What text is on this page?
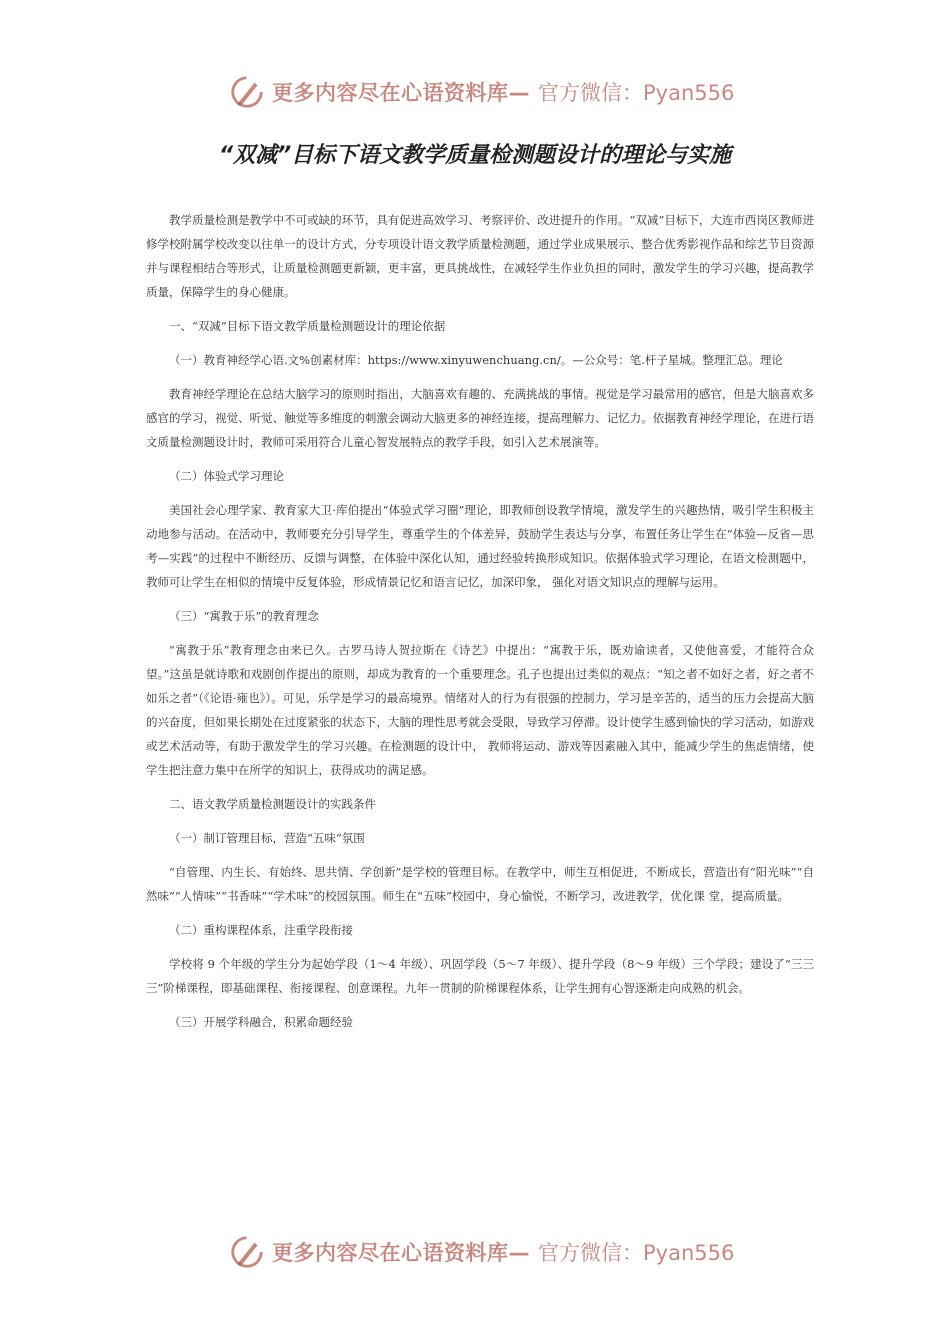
更多内容尽在心语资料库— 官方微信：Pyan556
“双减”目标下语文教学质量检测题设计的理论与实施

教学质量检测是教学中不可或缺的环节，具有促进高效学习、考察评价、改进提升的作用。“双减”目标下，大连市西岗区教师进修学校附属学校改变以往单一的设计方式，分专项设计语文教学质量检测题，通过学业成果展示、整合优秀影视作品和综艺节目资源并与课程相结合等形式，让质量检测题更新颖，更丰富，更具挑战性，在减轻学生作业负担的同时，激发学生的学习兴趣，提高教学质量，保障学生的身心健康。

一、“双减”目标下语文教学质量检测题设计的理论依据

（一）教育神经学心语.文%创素材库：https://www.xinyuwenchuang.cn/。—公众号：笔.杆子星城。整理汇总。理论

教育神经学理论在总结大脑学习的原则时指出，大脑喜欢有趣的、充满挑战的事情。视觉是学习最常用的感官，但是大脑喜欢多感官的学习，视觉、听觉、触觉等多维度的刺激会调动大脑更多的神经连接，提高理解力、记忆力。依据教育神经学理论，在进行语文质量检测题设计时，教师可采用符合儿童心智发展特点的教学手段，如引入艺术展演等。

（二）体验式学习理论

美国社会心理学家、教育家大卫·库伯提出“体验式学习圈”理论，即教师创设教学情境，激发学生的兴趣热情，吸引学生积极主动地参与活动。在活动中，教师要充分引导学生，尊重学生的个体差异，鼓励学生表达与分享，布置任务让学生在“体验—反省—思考—实践”的过程中不断经历、反馈与调整，在体验中深化认知，通过经验转换形成知识。依据体验式学习理论，在语文检测题中，教师可让学生在相似的情境中反复体验，形成情景记忆和语言记忆，加深印象， 强化对语文知识点的理解与运用。

（三）“寓教于乐”的教育理念

“寓教于乐”教育理念由来已久。古罗马诗人贺拉斯在《诗艺》中提出：“寓教于乐，既劝谕读者，又使他喜爱，才能符合众望。”这虽是就诗歌和戏剧创作提出的原则，却成为教育的一个重要理念。孔子也提出过类似的观点：“知之者不如好之者，好之者不如乐之者”（《论语·雍也》）。可见，乐学是学习的最高境界。情绪对人的行为有很强的控制力，学习是辛苦的，适当的压力会提高大脑的兴奋度，但如果长期处在过度紧张的状态下，大脑的理性思考就会受限，导致学习停滞。设计使学生感到愉快的学习活动，如游戏或艺术活动等，有助于激发学生的学习兴趣。在检测题的设计中， 教师将运动、游戏等因素融入其中，能减少学生的焦虑情绪，使学生把注意力集中在所学的知识上，获得成功的满足感。

二、语文教学质量检测题设计的实践条件

（一）制订管理目标，营造“五味”氛围

“自管理、内生长、有始终、思共情、学创新”是学校的管理目标。在教学中，师生互相促进，不断成长，营造出有“阳光味”“自然味”“人情味”“书香味”“学术味”的校园氛围。师生在“五味”校园中，身心愉悦，不断学习，改进教学，优化课 堂，提高质量。

（二）重构课程体系，注重学段衔接

学校将 9 个年级的学生分为起始学段（1～4 年级）、巩固学段（5～7 年级）、提升学段（8～9 年级）三个学段；建设了“三三三”阶梯课程，即基础课程、衔接课程、创意课程。九年一贯制的阶梯课程体系，让学生拥有心智逐渐走向成熟的机会。

（三）开展学科融合，积累命题经验

更多内容尽在心语资料库— 官方微信：Pyan556
